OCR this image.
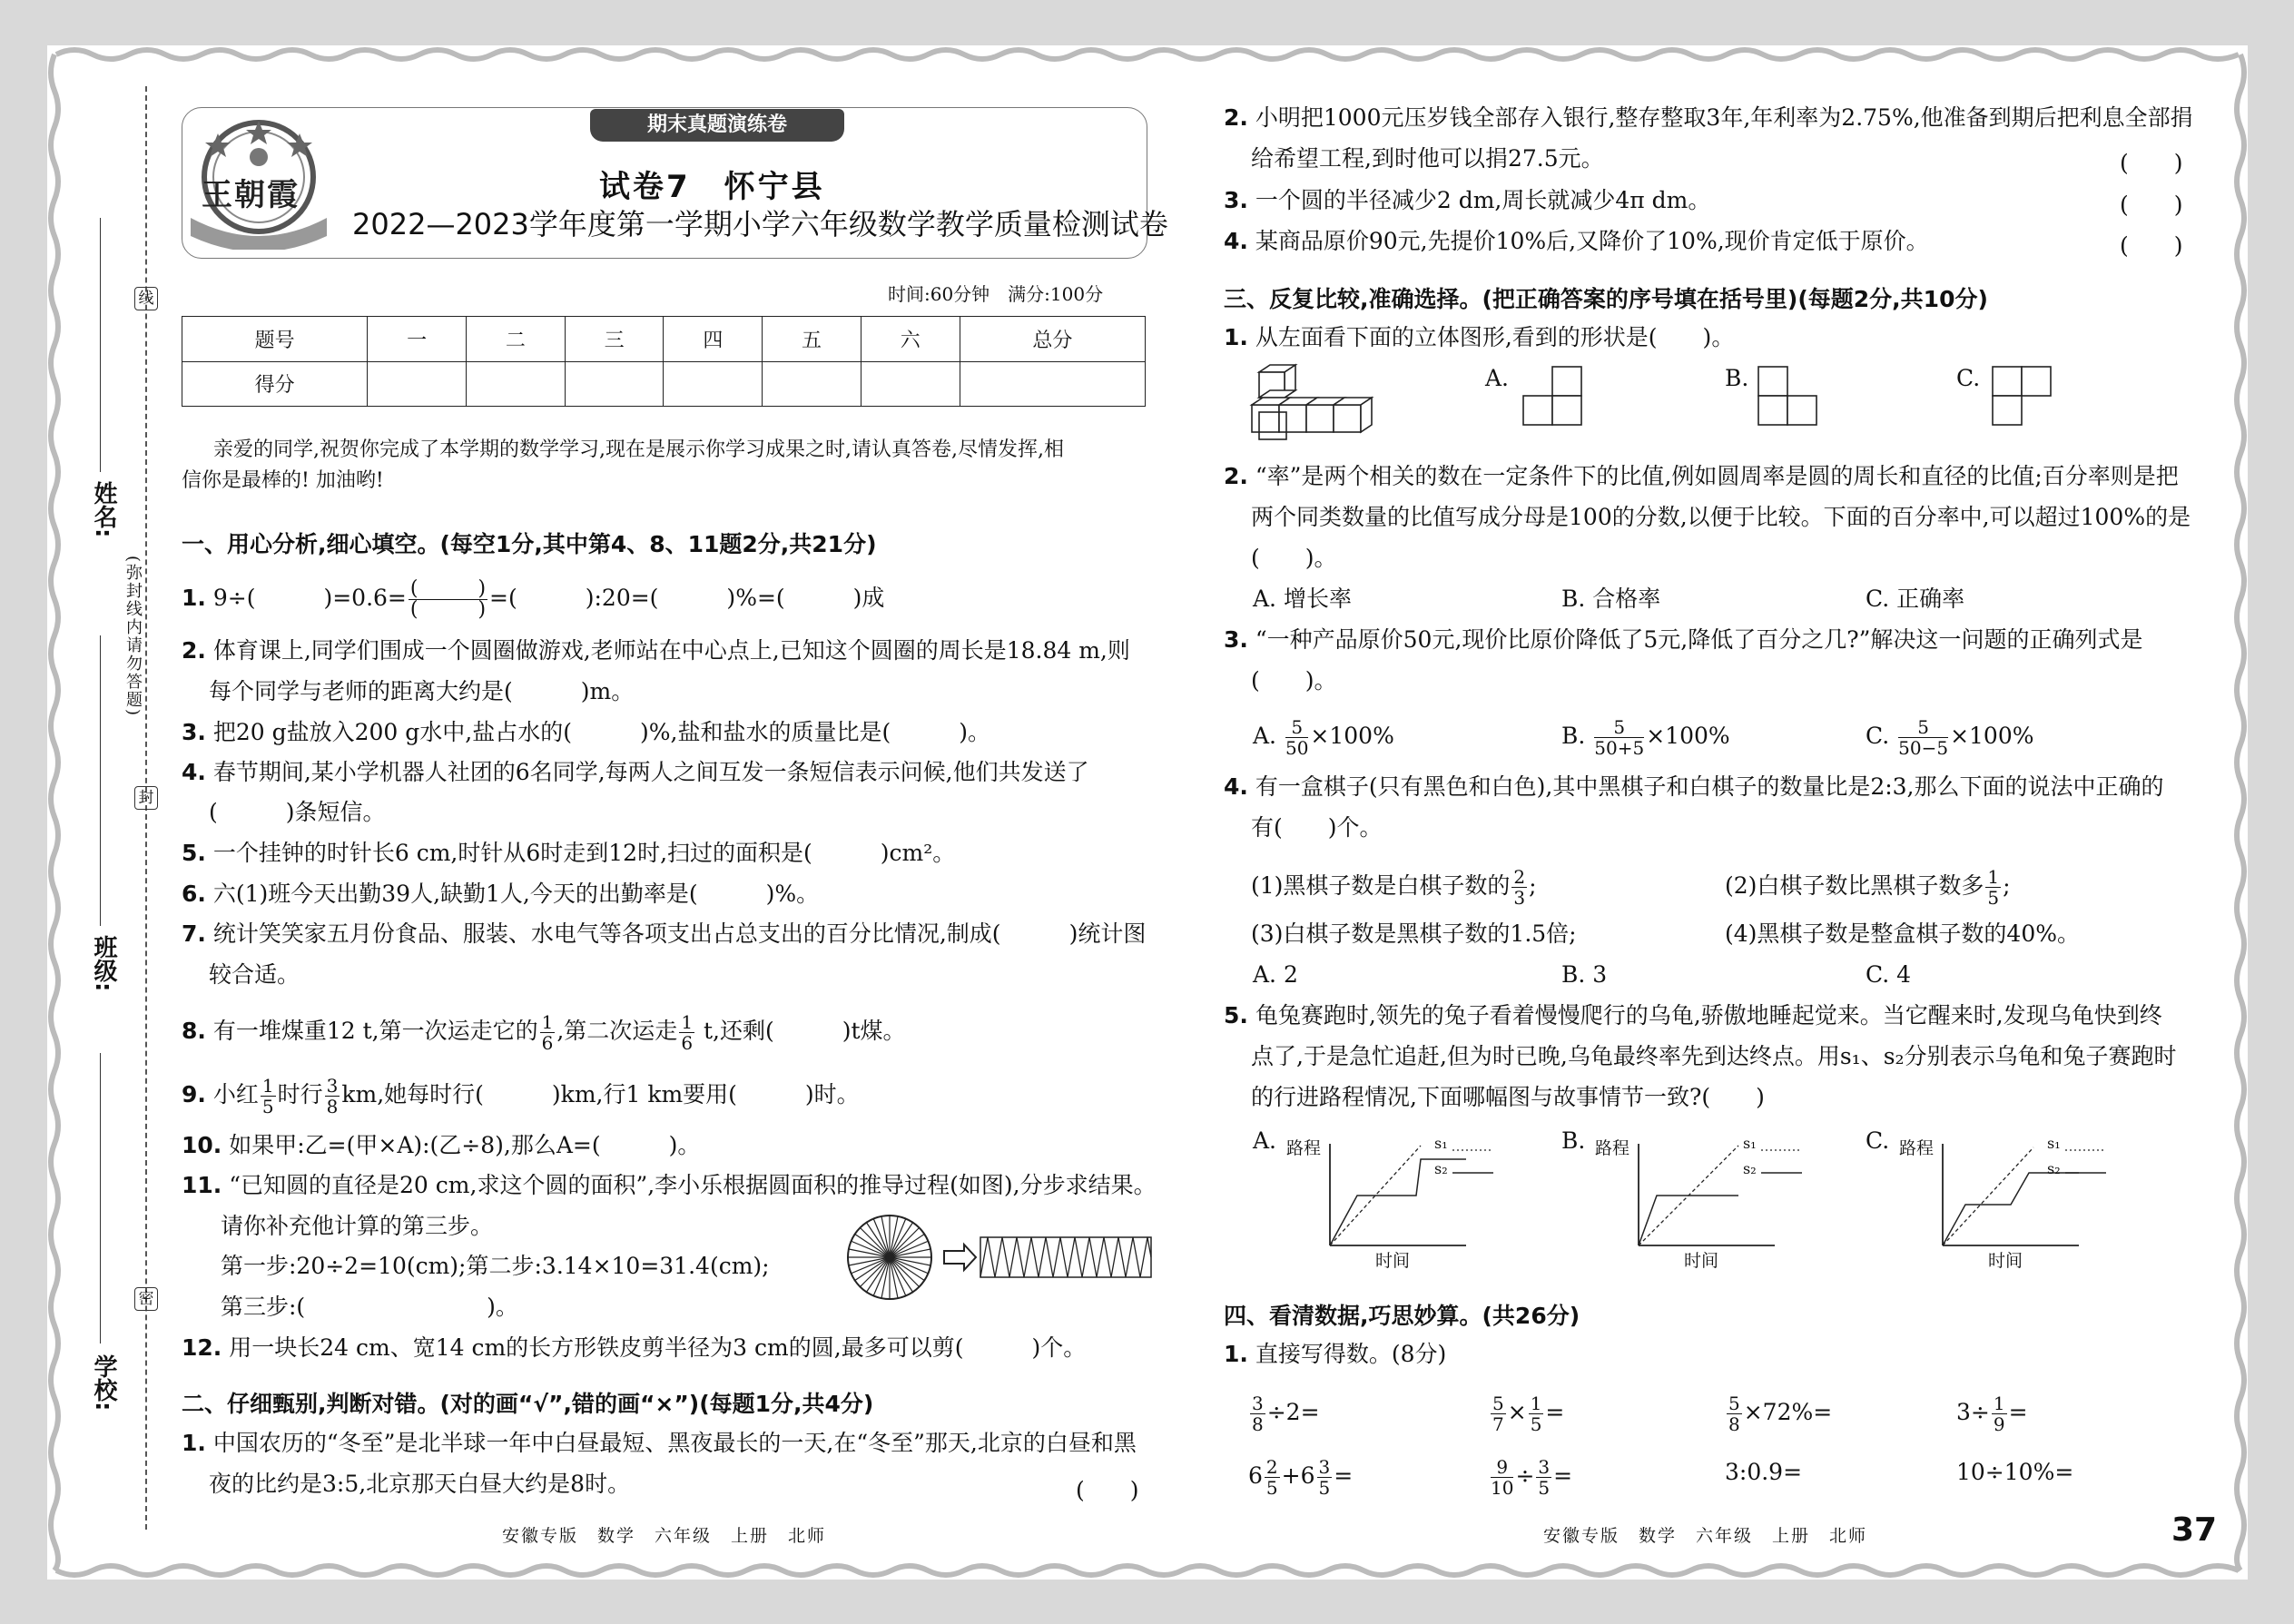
线
封
密
(弥封线内请勿答题)
学校:
班级:
姓名:
期末真题演练卷
王朝霞	试卷7　怀宁县
2022—2023学年度第一学期小学六年级数学教学质量检测试卷
时间:60分钟　满分:100分
题号	一	二	三	四	五	六	总分
得分							
亲爱的同学,祝贺你完成了本学期的数学学习,现在是展示你学习成果之时,请认真答卷,尽情发挥,相
信你是最棒的! 加油哟!
一、用心分析,细心填空。(每空1分,其中第4、8、11题2分,共21分)
1. 9÷(　　　)$=0.6= \frac{( )}{( )}$ =(　　　):20=(　　　)%=(　　　)成
2. 体育课上,同学们围成一个圆圈做游戏,老师站在中心点上,已知这个圆圈的周长是18.84 m,则
每个同学与老师的距离大约是(　　　)m。
3. 把20 g盐放入200 g水中,盐占水的(　　　)%,盐和盐水的质量比是(　　　)。
4. 春节期间,某小学机器人社团的6名同学,每两人之间互发一条短信表示问候,他们共发送了
(　　　)条短信。
5. 一个挂钟的时针长6 cm,时针从6时走到12时,扫过的面积是(　　　)cm²。
6. 六(1)班今天出勤39人,缺勤1人,今天的出勤率是(　　　)%。
7. 统计笑笑家五月份食品、服装、水电气等各项支出占总支出的百分比情况,制成(　　　)统计图
较合适。
8. 有一堆煤重12 t,第一次运走它的 $\frac{1}{6}$ ,第二次运走 $\frac{1}{6} t$,还剩(　　　)t煤。
9. 小红 $\frac{1}{5}$ 时行 $\frac{3}{8}$ km,她每时行(　　　)km,行1 km要用(　　　)时。
10. 如果甲:乙=(甲×A):(乙÷8),那么A=(　　　)。
11. “已知圆的直径是20 cm,求这个圆的面积”,李小乐根据圆面积的推导过程(如图),分步求结果。
请你补充他计算的第三步。
第一步:20÷2=10(cm);第二步:3.14×10=31.4(cm);
第三步:(　　　　　　　　)。
12. 用一块长24 cm、宽14 cm的长方形铁皮剪半径为3 cm的圆,最多可以剪(　　　)个。
二、仔细甄别,判断对错。(对的画“√”,错的画“×”)(每题1分,共4分)
1. 中国农历的“冬至”是北半球一年中白昼最短、黑夜最长的一天,在“冬至”那天,北京的白昼和黑
夜的比约是3:5,北京那天白昼大约是8时。	(　　)
安徽专版　数学　六年级　上册　北师
2. 小明把1000元压岁钱全部存入银行,整存整取3年,年利率为2.75%,他准备到期后把利息全部捐
给希望工程,到时他可以捐27.5元。	(　　)
3. 一个圆的半径减少2 dm,周长就减少4π dm。	(　　)
4. 某商品原价90元,先提价10%后,又降价了10%,现价肯定低于原价。	(　　)
三、反复比较,准确选择。(把正确答案的序号填在括号里)(每题2分,共10分)
1. 从左面看下面的立体图形,看到的形状是(　　)。
A.	B.	C.
2. “率”是两个相关的数在一定条件下的比值,例如圆周率是圆的周长和直径的比值;百分率则是把
两个同类数量的比值写成分母是100的分数,以便于比较。下面的百分率中,可以超过100%的是
(　　)。
A. 增长率	B. 合格率	C. 正确率
3. “一种产品原价50元,现价比原价降低了5元,降低了百分之几?”解决这一问题的正确列式是
(　　)。
A. $\frac{5}{50} \times 100\%$	B. $\frac{5}{50+5} \times 100\%$	C. $\frac{5}{50-5} \times 100\%$
4. 有一盒棋子(只有黑色和白色),其中黑棋子和白棋子的数量比是2:3,那么下面的说法中正确的
有(　　)个。
(1)黑棋子数是白棋子数的 $\frac{2}{3}$ ;	(2)白棋子数比黑棋子数多 $\frac{1}{5}$ ;
(3)白棋子数是黑棋子数的1.5倍;	(4)黑棋子数是整盒棋子数的40%。
A. 2	B. 3	C. 4
5. 龟兔赛跑时,领先的兔子看着慢慢爬行的乌龟,骄傲地睡起觉来。当它醒来时,发现乌龟快到终
点了,于是急忙追赶,但为时已晚,乌龟最终率先到达终点。用s₁、s₂分别表示乌龟和兔子赛跑时
的行进路程情况,下面哪幅图与故事情节一致?(　　)
A. 路程
时间
s₁
s₂
B. 路程
时间
s₁
s₂
C. 路程
时间
s₁
s₂
四、看清数据,巧思妙算。(共26分)
1. 直接写得数。(8分)
$\frac{3}{8} \div 2=$	$\frac{5}{7} \times \frac{1}{5}$ =	$\frac{5}{8} \times 72\%=$	$3\div \frac{1}{9}$ =
$6 \frac{2}{5} +6 \frac{3}{5}$ =	$\frac{9}{10} \div \frac{3}{5}$ =	3:0.9=	10÷10%=
安徽专版　数学　六年级　上册　北师	37
